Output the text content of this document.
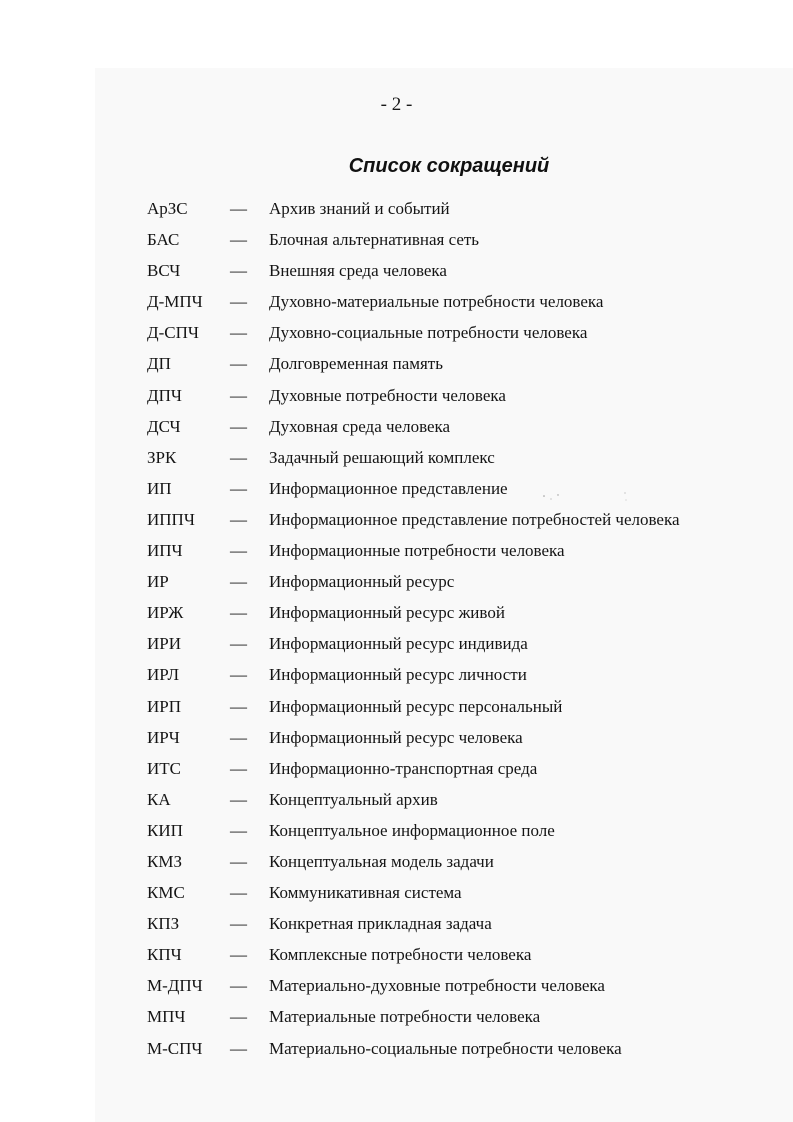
- 2 -
Список сокращений
АрЗС — Архив знаний и событий
БАС	— Блочная альтернативная сеть
ВСЧ	— Внешняя среда человека
Д-МПЧ — Духовно-материальные потребности человека
Д-СПЧ — Духовно-социальные потребности человека
ДП	— Долговременная память
ДПЧ	— Духовные потребности человека
ДСЧ	— Духовная среда человека
ЗРК	— Задачный решающий комплекс
ИП	— Информационное представление
ИППЧ — Информационное представление потребностей человека
ИПЧ	— Информационные потребности человека
ИР	— Информационный ресурс
ИРЖ	— Информационный ресурс живой
ИРИ	— Информационный ресурс индивида
ИРЛ	— Информационный ресурс личности
ИРП	— Информационный ресурс персональный
ИРЧ	— Информационный ресурс человека
ИТС	— Информационно-транспортная среда
КА	— Концептуальный архив
КИП	— Концептуальное информационное поле
КМЗ	— Концептуальная модель задачи
КМС	— Коммуникативная система
КПЗ	— Конкретная прикладная задача
КПЧ	— Комплексные потребности человека
М-ДПЧ — Материально-духовные потребности человека
МПЧ	— Материальные потребности человека
М-СПЧ — Материально-социальные потребности человека
